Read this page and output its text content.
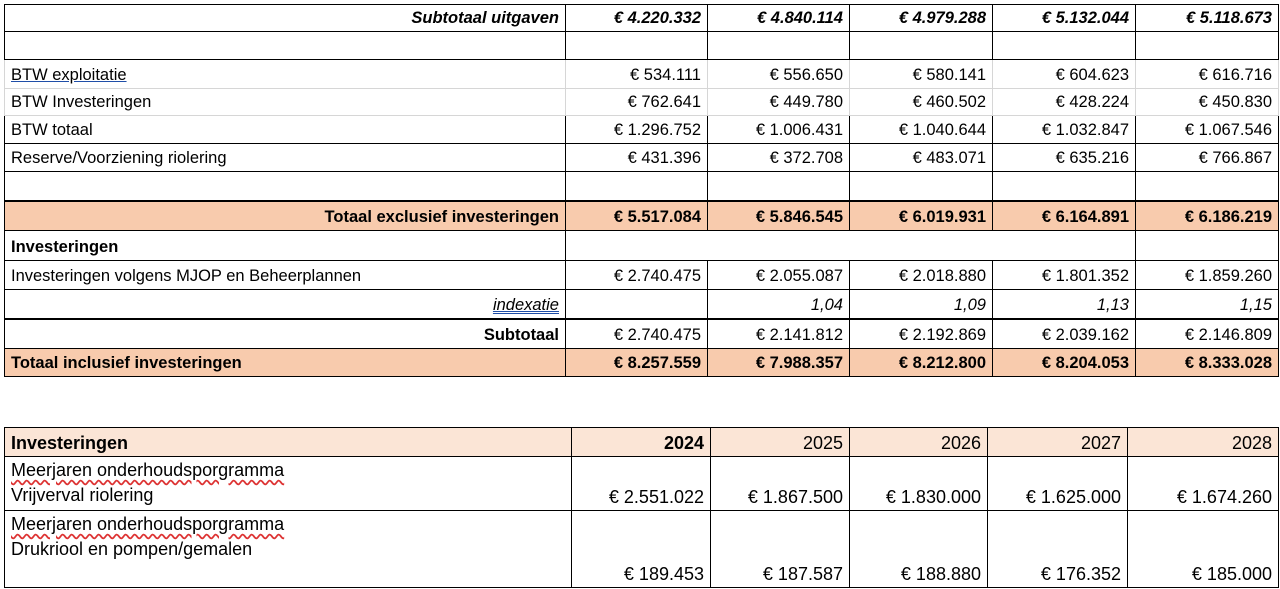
Subtotaal uitgaven	€ 4.220.332	€ 4.840.114	€ 4.979.288	€ 5.132.044	€ 5.118.673

BTW exploitatie	€ 534.111	€ 556.650	€ 580.141	€ 604.623	€ 616.716
BTW Investeringen	€ 762.641	€ 449.780	€ 460.502	€ 428.224	€ 450.830
BTW totaal	€ 1.296.752	€ 1.006.431	€ 1.040.644	€ 1.032.847	€ 1.067.546
Reserve/Voorziening riolering	€ 431.396	€ 372.708	€ 483.071	€ 635.216	€ 766.867

Totaal exclusief investeringen	€ 5.517.084	€ 5.846.545	€ 6.019.931	€ 6.164.891	€ 6.186.219
Investeringen					
Investeringen volgens MJOP en Beheerplannen	€ 2.740.475	€ 2.055.087	€ 2.018.880	€ 1.801.352	€ 1.859.260
indexatie		1,04	1,09	1,13	1,15
Subtotaal	€ 2.740.475	€ 2.141.812	€ 2.192.869	€ 2.039.162	€ 2.146.809
Totaal inclusief investeringen	€ 8.257.559	€ 7.988.357	€ 8.212.800	€ 8.204.053	€ 8.333.028
Investeringen	2024	2025	2026	2027	2028

Meerjaren onderhoudsporgramma
Vrijverval riolering	€ 2.551.022	€ 1.867.500	€ 1.830.000	€ 1.625.000	€ 1.674.260

Meerjaren onderhoudsporgramma
Drukriool en pompen/gemalen	€ 189.453	€ 187.587	€ 188.880	€ 176.352	€ 185.000
